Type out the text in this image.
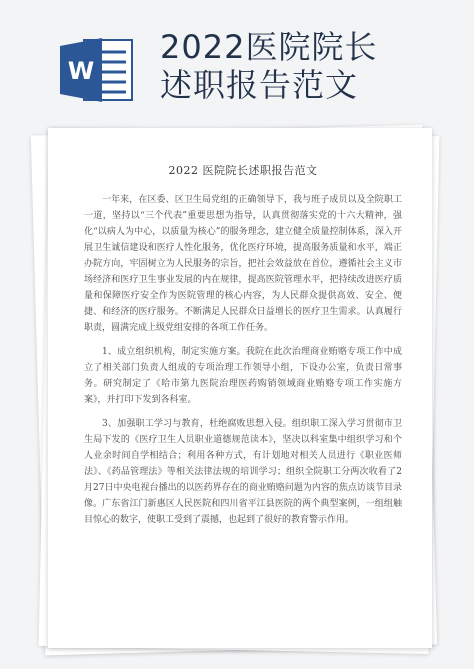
W
2022医院院长
述职报告范文
2022 医院院长述职报告范文

一年来，在区委、区卫生局党组的正确领导下，我与班子成员以及全院职工一道，坚持以“三个代表”重要思想为指导，认真贯彻落实党的十六大精神，强化“以病人为中心，以质量为核心”的服务理念，建立健全质量控制体系，深入开展卫生诚信建设和医疗人性化服务，优化医疗环境，提高服务质量和水平，端正办院方向，牢固树立为人民服务的宗旨，把社会效益放在首位，遵循社会主义市场经济和医疗卫生事业发展的内在规律，提高医院管理水平，把持续改进医疗质量和保障医疗安全作为医院管理的核心内容，为人民群众提供高效、安全、便捷、和经济的医疗服务。不断满足人民群众日益增长的医疗卫生需求。认真履行职责，圆满完成上级党组安排的各项工作任务。

1、成立组织机构，制定实施方案。我院在此次治理商业贿赂专项工作中成立了相关部门负责人组成的专项治理工作领导小组，下设办公室，负责日常事务。研究制定了《哈市第九医院治理医药购销领域商业贿赂专项工作实施方案》，并打印下发到各科室。

3、加强职工学习与教育，杜绝腐败思想入侵。组织职工深入学习贯彻市卫生局下发的《医疗卫生人员职业道德规范读本》，坚决以科室集中组织学习和个人业余时间自学相结合；利用各种方式，有计划地对相关人员进行《职业医师法》、《药品管理法》等相关法律法规的培训学习；组织全院职工分两次收看了2月27日中央电视台播出的以医药界存在的商业贿赂问题为内容的焦点访谈节目录像。广东省江门新惠区人民医院和四川省平江县医院的两个典型案例，一组组触目惊心的数字，使职工受到了震撼，也起到了很好的教育警示作用。
